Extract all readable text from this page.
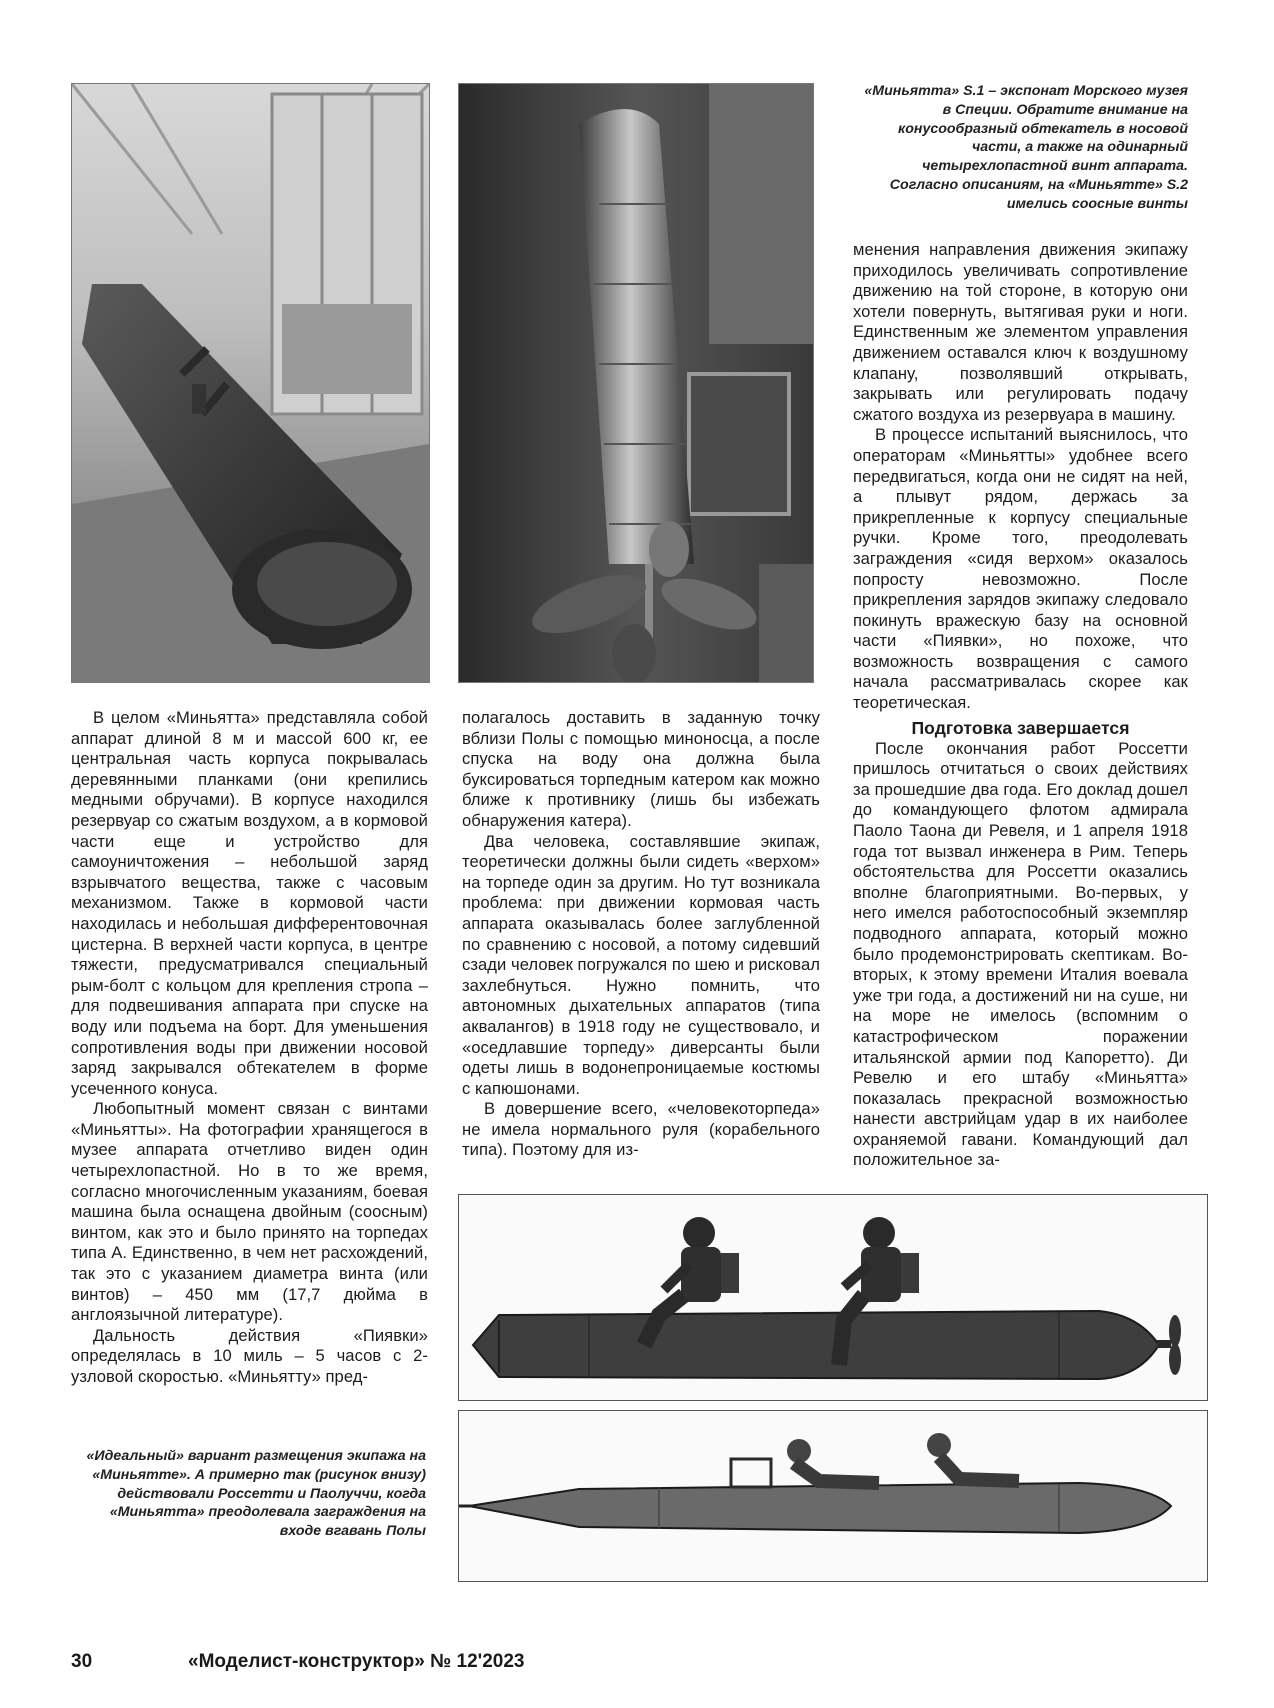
«Миньятта» S.1 – экспонат Морского музея в Специи. Обратите внимание на конусообразный обтекатель в носовой части, а также на одинарный четырехлопастной винт аппарата. Согласно описаниям, на «Миньятте» S.2 имелись соосные винты

менения направления движения экипажу приходилось увеличивать сопротивление движению на той стороне, в которую они хотели повернуть, вытягивая руки и ноги. Единственным же элементом управления движением оставался ключ к воздушному клапану, позволявший открывать, закрывать или регулировать подачу сжатого воздуха из резервуара в машину.

В процессе испытаний выяснилось, что операторам «Миньятты» удобнее всего передвигаться, когда они не сидят на ней, а плывут рядом, держась за прикрепленные к корпусу специальные ручки. Кроме того, преодолевать заграждения «сидя верхом» оказалось попросту невозможно. После прикрепления зарядов экипажу следовало покинуть вражескую базу на основной части «Пиявки», но похоже, что возможность возвращения с самого начала рассматривалась скорее как теоретическая.

В целом «Миньятта» представляла собой аппарат длиной 8 м и массой 600 кг, ее центральная часть корпуса покрывалась деревянными планками (они крепились медными обручами). В корпусе находился резервуар со сжатым воздухом, а в кормовой части еще и устройство для самоуничтожения – небольшой заряд взрывчатого вещества, также с часовым механизмом. Также в кормовой части находилась и небольшая дифферентовочная цистерна. В верхней части корпуса, в центре тяжести, предусматривался специальный рым-болт с кольцом для крепления стропа – для подвешивания аппарата при спуске на воду или подъема на борт. Для уменьшения сопротивления воды при движении носовой заряд закрывался обтекателем в форме усеченного конуса.

Любопытный момент связан с винтами «Миньятты». На фотографии хранящегося в музее аппарата отчетливо виден один четырехлопастной. Но в то же время, согласно многочисленным указаниям, боевая машина была оснащена двойным (соосным) винтом, как это и было принято на торпедах типа А. Единственно, в чем нет расхождений, так это с указанием диаметра винта (или винтов) – 450 мм (17,7 дюйма в англоязычной литературе).

Дальность действия «Пиявки» определялась в 10 миль – 5 часов с 2-узловой скоростью. «Миньятту» пред-

полагалось доставить в заданную точку вблизи Полы с помощью миноносца, а после спуска на воду она должна была буксироваться торпедным катером как можно ближе к противнику (лишь бы избежать обнаружения катера).

Два человека, составлявшие экипаж, теоретически должны были сидеть «верхом» на торпеде один за другим. Но тут возникала проблема: при движении кормовая часть аппарата оказывалась более заглубленной по сравнению с носовой, а потому сидевший сзади человек погружался по шею и рисковал захлебнуться. Нужно помнить, что автономных дыхательных аппаратов (типа аквалангов) в 1918 году не существовало, и «оседлавшие торпеду» диверсанты были одеты лишь в водонепроницаемые костюмы с капюшонами.

В довершение всего, «человекоторпеда» не имела нормального руля (корабельного типа). Поэтому для из-

Подготовка завершается

После окончания работ Россетти пришлось отчитаться о своих действиях за прошедшие два года. Его доклад дошел до командующего флотом адмирала Паоло Таона ди Ревеля, и 1 апреля 1918 года тот вызвал инженера в Рим. Теперь обстоятельства для Россетти оказались вполне благоприятными. Во-первых, у него имелся работоспособный экземпляр подводного аппарата, который можно было продемонстрировать скептикам. Во-вторых, к этому времени Италия воевала уже три года, а достижений ни на суше, ни на море не имелось (вспомним о катастрофическом поражении итальянской армии под Капоретто). Ди Ревелю и его штабу «Миньятта» показалась прекрасной возможностью нанести австрийцам удар в их наиболее охраняемой гавани. Командующий дал положительное за-

«Идеальный» вариант размещения экипажа на «Миньятте». А примерно так (рисунок внизу) действовали Россетти и Паолуччи, когда «Миньятта» преодолевала заграждения на входе вгавань Полы
30	«Моделист-конструктор» № 12'2023
